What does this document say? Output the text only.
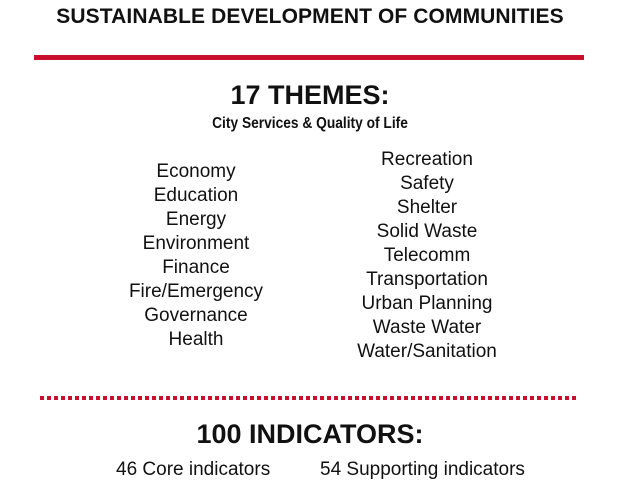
SUSTAINABLE DEVELOPMENT OF COMMUNITIES
17 THEMES:
City Services & Quality of Life
Economy
Education
Energy
Environment
Finance
Fire/Emergency
Governance
Health
Recreation
Safety
Shelter
Solid Waste
Telecomm
Transportation
Urban Planning
Waste Water
Water/Sanitation
100 INDICATORS:
46 Core indicators	54 Supporting indicators
